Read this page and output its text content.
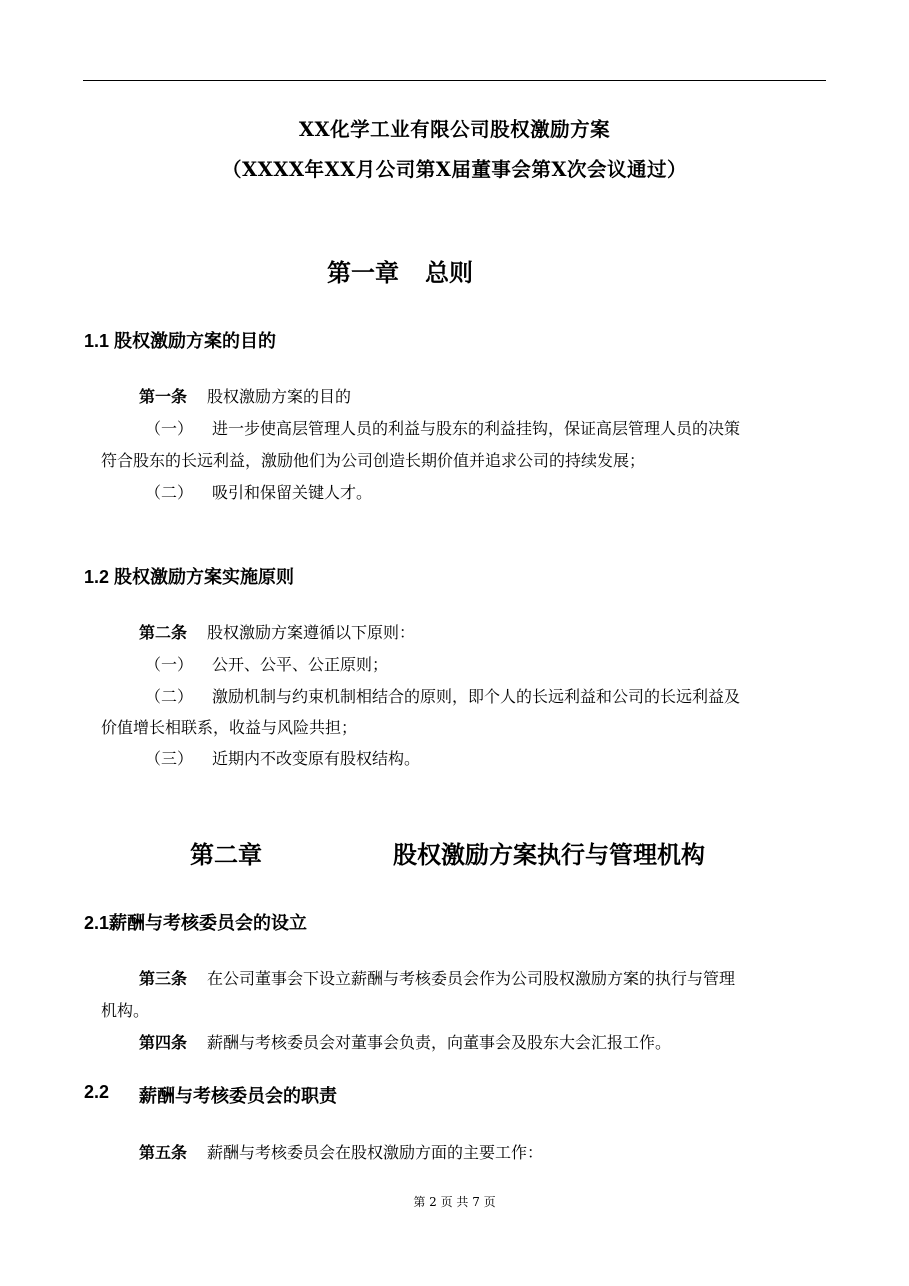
XX化学工业有限公司股权激励方案

（XXXX年XX月公司第X届董事会第X次会议通过）

第一章 总则

1.1 股权激励方案的目的

第一条 股权激励方案的目的

（一） 进一步使高层管理人员的利益与股东的利益挂钩，保证高层管理人员的决策

符合股东的长远利益，激励他们为公司创造长期价值并追求公司的持续发展；

（二） 吸引和保留关键人才。

1.2 股权激励方案实施原则

第二条 股权激励方案遵循以下原则：

（一） 公开、公平、公正原则；

（二） 激励机制与约束机制相结合的原则，即个人的长远利益和公司的长远利益及

价值增长相联系，收益与风险共担；

（三） 近期内不改变原有股权结构。

第二章	股权激励方案执行与管理机构

2.1薪酬与考核委员会的设立

第三条 在公司董事会下设立薪酬与考核委员会作为公司股权激励方案的执行与管理

机构。

第四条 薪酬与考核委员会对董事会负责，向董事会及股东大会汇报工作。

2.2 薪酬与考核委员会的职责

第五条 薪酬与考核委员会在股权激励方面的主要工作：

第 2 页 共 7 页
